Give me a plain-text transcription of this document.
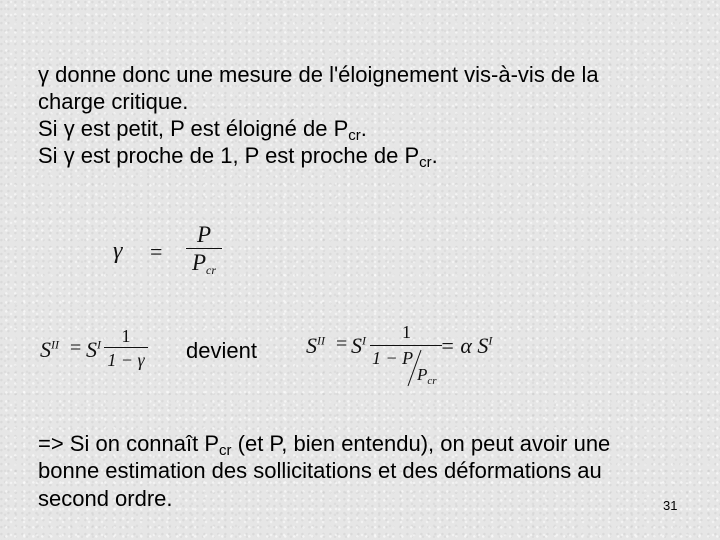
γ donne donc une mesure de l'éloignement vis-à-vis de la
charge critique.
Si γ est petit, P est éloigné de $P_{cr}$.
Si γ est proche de 1, P est proche de $P_{cr}$.
γ =
P
$P_{cr}$
$S^{II} = S^I$ 1
1 − γ devient $S^{II} = S^I$ 1
1 − P
$P_{cr}$
= α $S^I$
=> Si on connaît $P_{cr}$ (et P, bien entendu), on peut avoir une
bonne estimation des sollicitations et des déformations au
second ordre.	31
